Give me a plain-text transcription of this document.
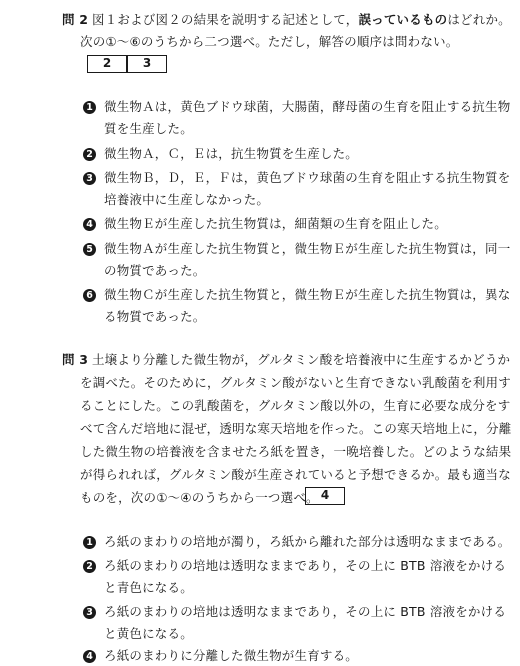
問 2 図１および図２の結果を説明する記述として，誤っているものはどれか。
次の①～⑥のうちから二つ選べ。ただし，解答の順序は問わない。
2	3
1 微生物Ａは，黄色ブドウ球菌，大腸菌，酵母菌の生育を阻止する抗生物
質を生産した。
2 微生物Ａ，Ｃ，Ｅは，抗生物質を生産した。
3 微生物Ｂ，Ｄ，Ｅ，Ｆは，黄色ブドウ球菌の生育を阻止する抗生物質を
培養液中に生産しなかった。
4 微生物Ｅが生産した抗生物質は，細菌類の生育を阻止した。
5 微生物Ａが生産した抗生物質と，微生物Ｅが生産した抗生物質は，同一
の物質であった。
6 微生物Ｃが生産した抗生物質と，微生物Ｅが生産した抗生物質は，異な
る物質であった。
問 3 土壌より分離した微生物が，グルタミン酸を培養液中に生産するかどうか
を調べた。そのために，グルタミン酸がないと生育できない乳酸菌を利用す
ることにした。この乳酸菌を，グルタミン酸以外の，生育に必要な成分をす
べて含んだ培地に混ぜ，透明な寒天培地を作った。この寒天培地上に，分離
した微生物の培養液を含ませたろ紙を置き，一晩培養した。どのような結果
が得られれば，グルタミン酸が生産されていると予想できるか。最も適当な
ものを，次の①～④のうちから一つ選べ。 4
1 ろ紙のまわりの培地が濁り，ろ紙から離れた部分は透明なままである。
2 ろ紙のまわりの培地は透明なままであり，その上に BTB 溶液をかける
と青色になる。
3 ろ紙のまわりの培地は透明なままであり，その上に BTB 溶液をかける
と黄色になる。
4 ろ紙のまわりに分離した微生物が生育する。
